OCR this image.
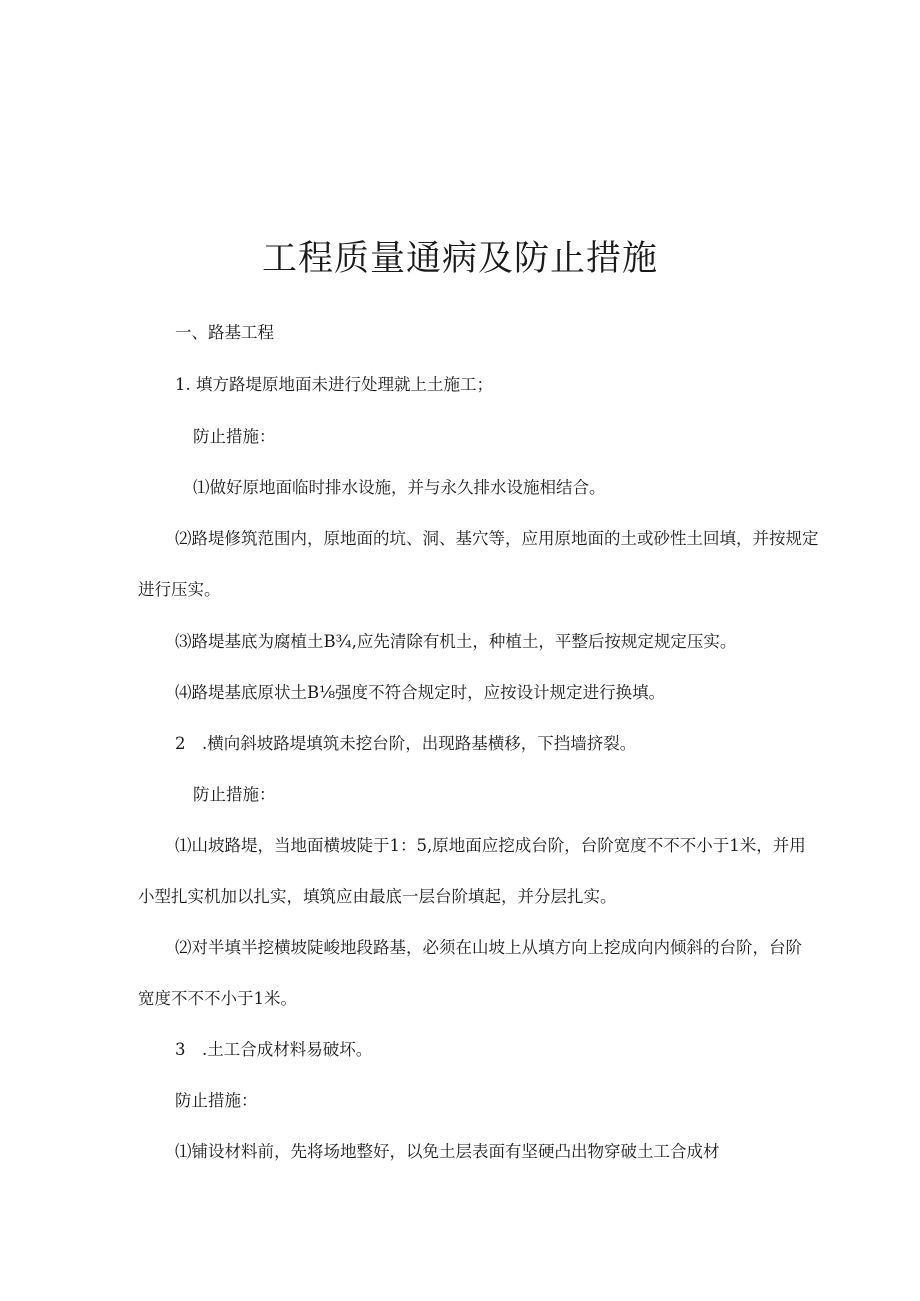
工程质量通病及防止措施
一、路基工程
1. 填方路堤原地面未进行处理就上土施工；
防止措施：
⑴做好原地面临时排水设施，并与永久排水设施相结合。
⑵路堤修筑范围内，原地面的坑、洞、基穴等，应用原地面的土或砂性土回填，并按规定
进行压实。
⑶路堤基底为腐植土B¾,应先清除有机土，种植土，平整后按规定规定压实。
⑷路堤基底原状土B⅛强度不符合规定时，应按设计规定进行换填。
2　.横向斜坡路堤填筑未挖台阶，出现路基横移，下挡墙挤裂。
防止措施：
⑴山坡路堤，当地面横坡陡于1：5,原地面应挖成台阶，台阶宽度不不不小于1米，并用
小型扎实机加以扎实，填筑应由最底一层台阶填起，并分层扎实。
⑵对半填半挖横坡陡峻地段路基，必须在山坡上从填方向上挖成向内倾斜的台阶，台阶
宽度不不不小于1米。
3　.土工合成材料易破坏。
防止措施：
⑴铺设材料前，先将场地整好，以免土层表面有坚硬凸出物穿破土工合成材
